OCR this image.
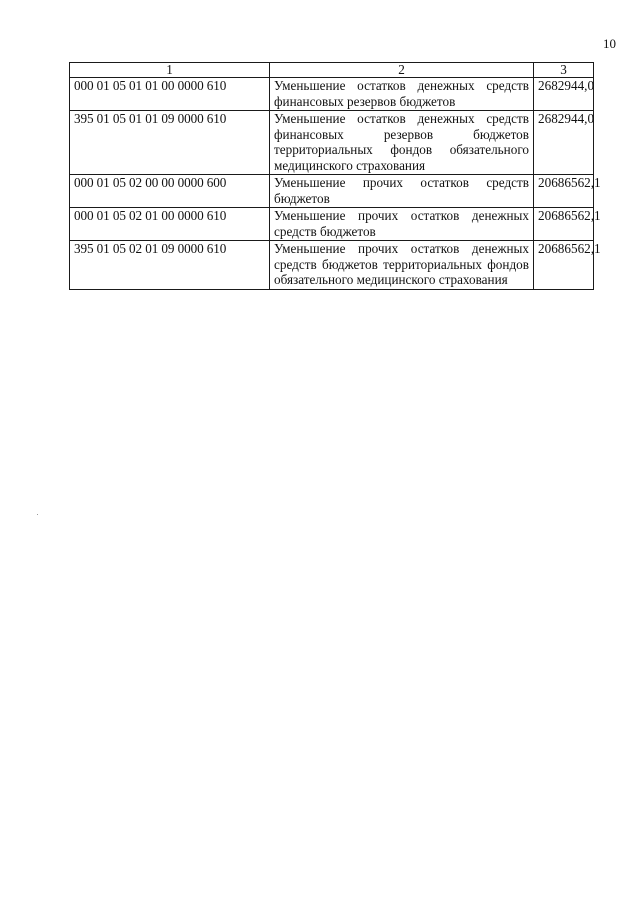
10
1	2	3
000 01 05 01 01 00 0000 610	Уменьшение остатков денежных средств финансовых резервов бюджетов	2682944,0
395 01 05 01 01 09 0000 610	Уменьшение остатков денежных средств финансовых резервов бюджетов территориальных фондов обязательного медицинского страхования	2682944,0
000 01 05 02 00 00 0000 600	Уменьшение прочих остатков средств бюджетов	20686562,1
000 01 05 02 01 00 0000 610	Уменьшение прочих остатков денежных средств бюджетов	20686562,1
395 01 05 02 01 09 0000 610	Уменьшение прочих остатков денежных средств бюджетов территориальных фондов обязательного медицинского страхования	20686562,1
